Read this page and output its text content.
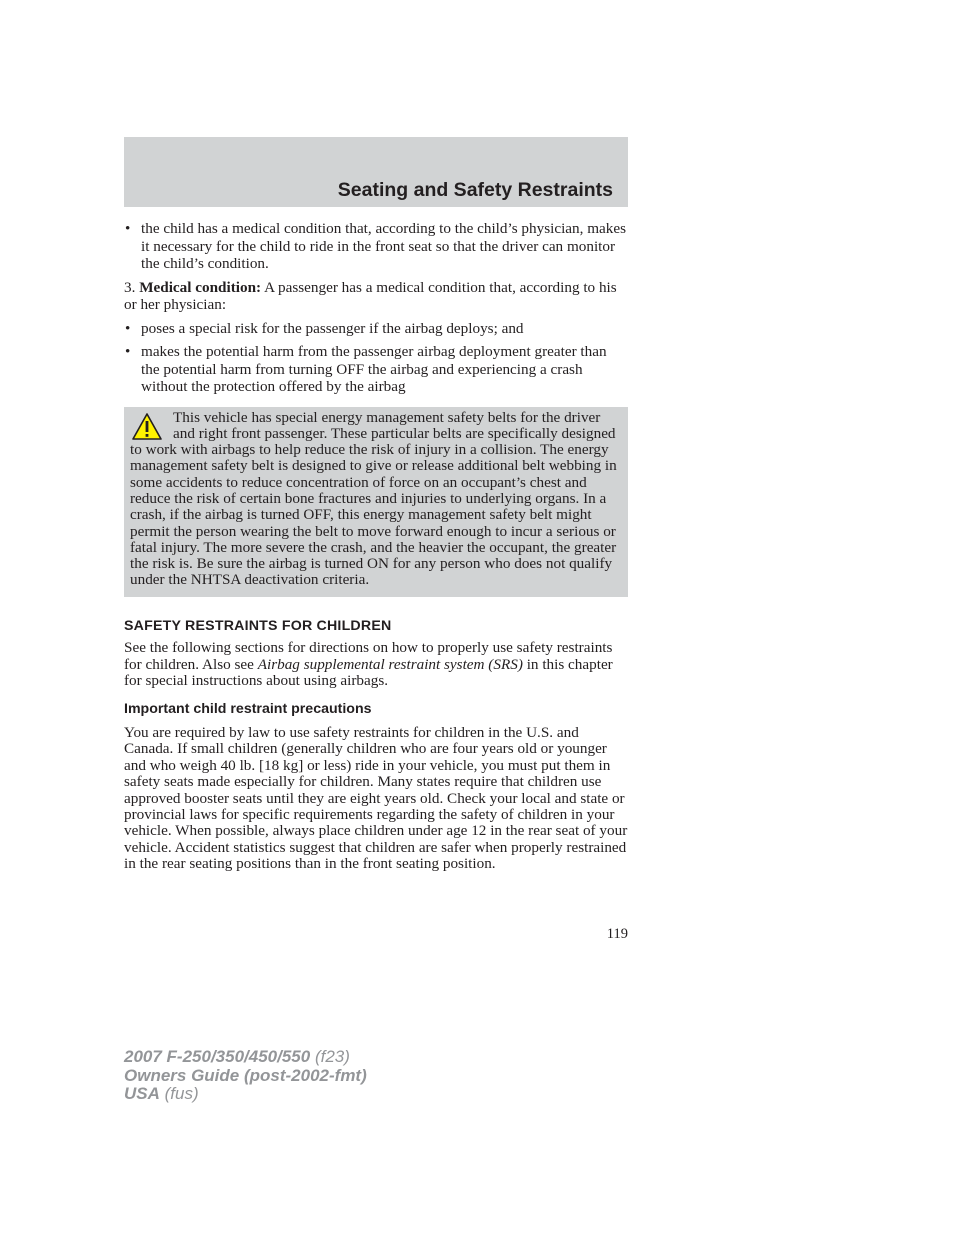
Seating and Safety Restraints
• the child has a medical condition that, according to the child’s physician, makes it necessary for the child to ride in the front seat so that the driver can monitor the child’s condition.

3. Medical condition: A passenger has a medical condition that, according to his or her physician:

• poses a special risk for the passenger if the airbag deploys; and
• makes the potential harm from the passenger airbag deployment greater than the potential harm from turning OFF the airbag and experiencing a crash without the protection offered by the airbag
This vehicle has special energy management safety belts for the driver and right front passenger. These particular belts are specifically designed to work with airbags to help reduce the risk of injury in a collision. The energy management safety belt is designed to give or release additional belt webbing in some accidents to reduce concentration of force on an occupant’s chest and reduce the risk of certain bone fractures and injuries to underlying organs. In a crash, if the airbag is turned OFF, this energy management safety belt might permit the person wearing the belt to move forward enough to incur a serious or fatal injury. The more severe the crash, and the heavier the occupant, the greater the risk is. Be sure the airbag is turned ON for any person who does not qualify under the NHTSA deactivation criteria.
SAFETY RESTRAINTS FOR CHILDREN

See the following sections for directions on how to properly use safety restraints for children. Also see Airbag supplemental restraint system (SRS) in this chapter for special instructions about using airbags.

Important child restraint precautions

You are required by law to use safety restraints for children in the U.S. and Canada. If small children (generally children who are four years old or younger and who weigh 40 lb. [18 kg] or less) ride in your vehicle, you must put them in safety seats made especially for children. Many states require that children use approved booster seats until they are eight years old. Check your local and state or provincial laws for specific requirements regarding the safety of children in your vehicle. When possible, always place children under age 12 in the rear seat of your vehicle. Accident statistics suggest that children are safer when properly restrained in the rear seating positions than in the front seating position.

119
2007 F-250/350/450/550 (f23)
Owners Guide (post-2002-fmt)
USA (fus)
